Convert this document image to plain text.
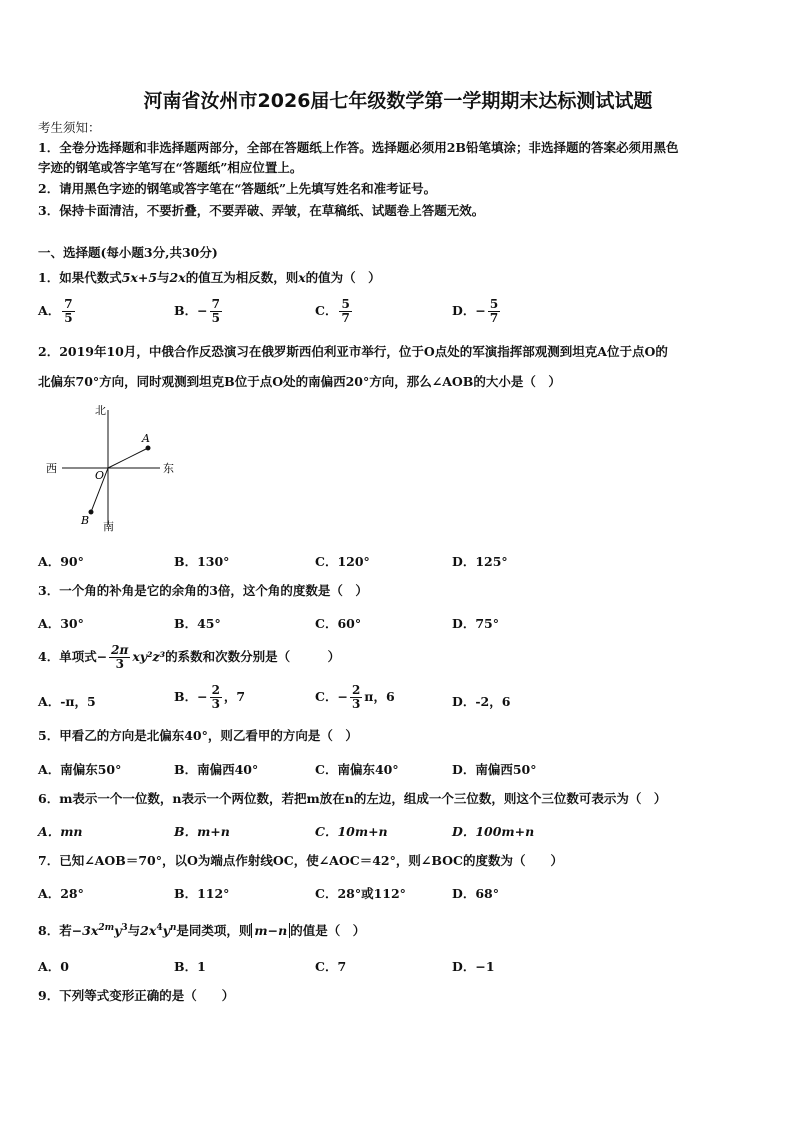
河南省汝州市2026届七年级数学第一学期期末达标测试试题
考生须知：
1．全卷分选择题和非选择题两部分，全部在答题纸上作答。选择题必须用2B铅笔填涂；非选择题的答案必须用黑色
字迹的钢笔或答字笔写在“答题纸”相应位置上。
2．请用黑色字迹的钢笔或答字笔在“答题纸”上先填写姓名和准考证号。
3．保持卡面清洁，不要折叠，不要弄破、弄皱，在草稿纸、试题卷上答题无效。
一、选择题(每小题3分,共30分)
1．如果代数式5x+5与2x的值互为相反数，则x的值为（　）
A． $\frac{7}{5}$	B．− $\frac{7}{5}$	C． $\frac{5}{7}$	D．− $\frac{5}{7}$
2．2019年10月，中俄合作反恐演习在俄罗斯西伯利亚市举行，位于O点处的军演指挥部观测到坦克A位于点O的
北偏东70°方向，同时观测到坦克B位于点O处的南偏西20°方向，那么∠AOB的大小是（　）
北
南
东
西
O
A
B
A．90°	B．130°	C．120°	D．125°
3．一个角的补角是它的余角的3倍，这个角的度数是（　）
A．30°	B．45°	C．60°	D．75°
4．单项式− $\frac{2\pi}{3} xy^2z^3$的系数和次数分别是（　　　）
A．-π，5	B．− $\frac{2}{3}$ ，7	C．− $\frac{2}{3}$ π，6	D．-2，6
5．甲看乙的方向是北偏东40°，则乙看甲的方向是（　）
A．南偏东50°	B．南偏西40°	C．南偏东40°	D．南偏西50°
6．m表示一个一位数，n表示一个两位数，若把m放在n的左边，组成一个三位数，则这个三位数可表示为（　）
A．mn	B．m+n	C．10m+n	D．100m+n
7．已知∠AOB＝70°，以O为端点作射线OC，使∠AOC＝42°，则∠BOC的度数为（　　）
A．28°	B．112°	C．28°或112°	D．68°
8．若$-3x^{2m}y^3$与$2x^4y^n$是同类项，则 m−n 的值是（　）
A．0	B．1	C．7	D．−1
9．下列等式变形正确的是（　　）
